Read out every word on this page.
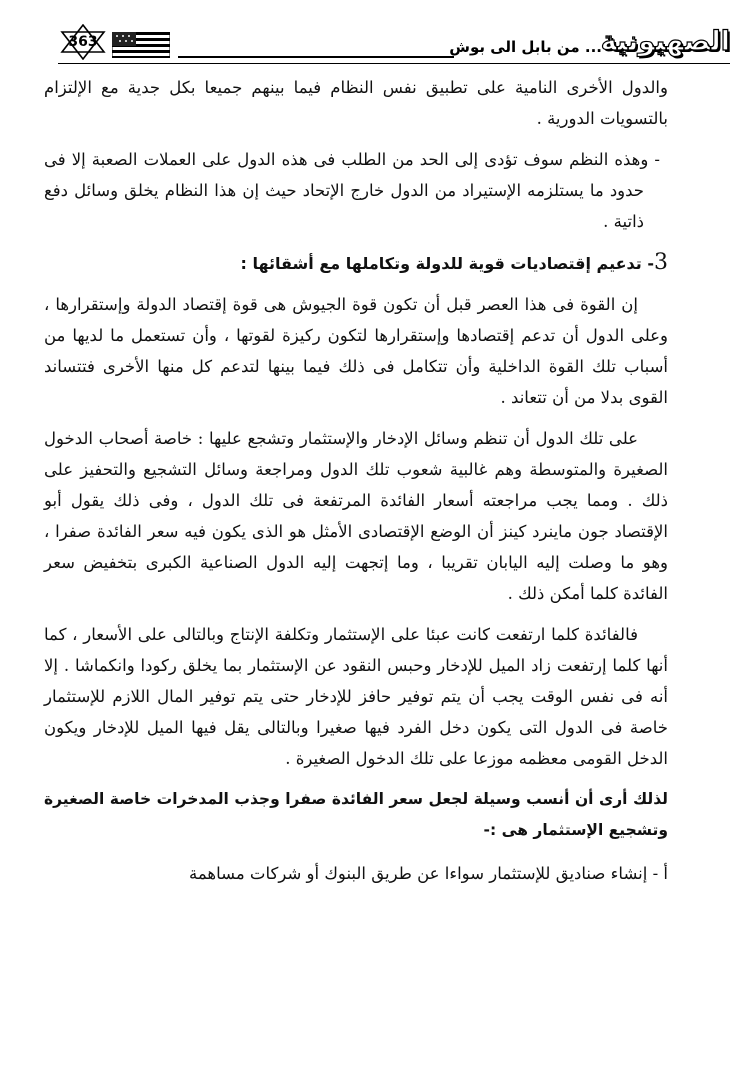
الصهيونية
... من بابل الى بوش
363

والدول الأخرى النامية على تطبيق نفس النظام فيما بينهم جميعا بكل جدية مع الإلتزام بالتسويات الدورية .

- وهذه النظم سوف تؤدى إلى الحد من الطلب فى هذه الدول على العملات الصعبة إلا فى حدود ما يستلزمه الإستيراد من الدول خارج الإتحاد حيث إن هذا النظام يخلق وسائل دفع ذاتية .

3- تدعيم إقتصاديات قوية للدولة وتكاملها مع أشقائها :

إن القوة فى هذا العصر قبل أن تكون قوة الجيوش هى قوة إقتصاد الدولة وإستقرارها ، وعلى الدول أن تدعم إقتصادها وإستقرارها لتكون ركيزة لقوتها ، وأن تستعمل ما لديها من أسباب تلك القوة الداخلية وأن تتكامل فى ذلك فيما بينها لتدعم كل منها الأخرى فتتساند القوى بدلا من أن تتعاند .

على تلك الدول أن تنظم وسائل الإدخار والإستثمار وتشجع عليها : خاصة أصحاب الدخول الصغيرة والمتوسطة وهم غالبية شعوب تلك الدول ومراجعة وسائل التشجيع والتحفيز على ذلك . ومما يجب مراجعته أسعار الفائدة المرتفعة فى تلك الدول ، وفى ذلك يقول أبو الإقتصاد جون ماينرد كينز أن الوضع الإقتصادى الأمثل هو الذى يكون فيه سعر الفائدة صفرا ، وهو ما وصلت إليه اليابان تقريبا ، وما إتجهت إليه الدول الصناعية الكبرى بتخفيض سعر الفائدة كلما أمكن ذلك .

فالفائدة كلما ارتفعت كانت عبئا على الإستثمار وتكلفة الإنتاج وبالتالى على الأسعار ، كما أنها كلما إرتفعت زاد الميل للإدخار وحبس النقود عن الإستثمار بما يخلق ركودا وانكماشا . إلا أنه فى نفس الوقت يجب أن يتم توفير حافز للإدخار حتى يتم توفير المال اللازم للإستثمار خاصة فى الدول التى يكون دخل الفرد فيها صغيرا وبالتالى يقل فيها الميل للإدخار ويكون الدخل القومى معظمه موزعا على تلك الدخول الصغيرة .

لذلك أرى أن أنسب وسيلة لجعل سعر الفائدة صفرا وجذب المدخرات خاصة الصغيرة وتشجيع الإستثمار هى :-

أ - إنشاء صناديق للإستثمار سواءا عن طريق البنوك أو شركات مساهمة
